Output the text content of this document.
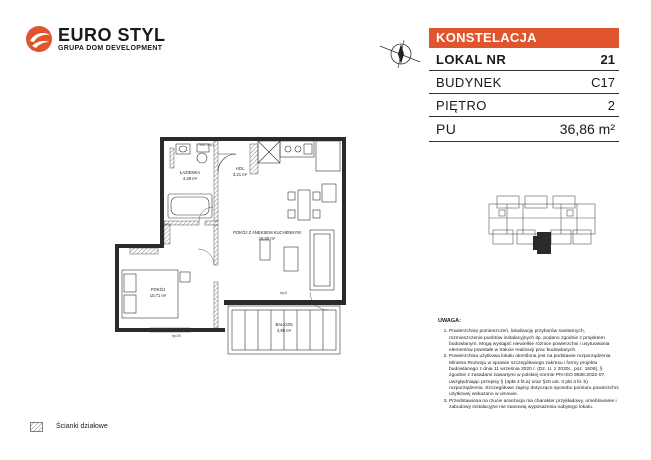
EURO STYL
GRUPA DOM DEVELOPMENT
KONSTELACJA
LOKAL NR	21
BUDYNEK	C17
PIĘTRO	2
PU	36,86 m²
ŁAZIENKA
4,48 m²
HOL
3,21 m²
POKÓJ Z ANEKSEM KUCHENNYM
18,80 m²
POKÓJ
10,71 m²
BALKON
4,95 m²
TRM: 0(W)
hp=0
hp=20
UWAGA:
1. Powierzchnię pomieszczeń, lokalizację przyborów sanitarnych, rozmieszczenie punktów instalacyjnych itp. podano zgodnie z projektem budowlanym. Mogą wystąpić niewielkie różnice powierzchni i usytuowania elementów powstałe w trakcie realizacji prac budowlanych.
2. Powierzchnia użytkowa lokalu określona jest na podstawie rozporządzenia Ministra Rozwoju w sprawie szczegółowego zakresu i formy projektu budowlanego z dnia 11 września 2020 r. (Dz. U. z 2020r., poz. 1609), § zgodnie z zasadami zawartymi w polskiej normie PN-ISO 9836:2022-07, uwzględniając przepisy § (4pkt 4 lit.a) oraz §20 ust. 3 pkt 4 lit. b) rozporządzenia. Szczegółowe zapisy dotyczące sposobu pomiaru powierzchni użytkowej wskazano w umowie.
3. Przedstawiona na rzucie aranżacja ma charakter przykładowy, umeblowanie i zabudowy instalacyjne nie stanowią wyposażenia nabytego lokalu.
Ścianki działowe
